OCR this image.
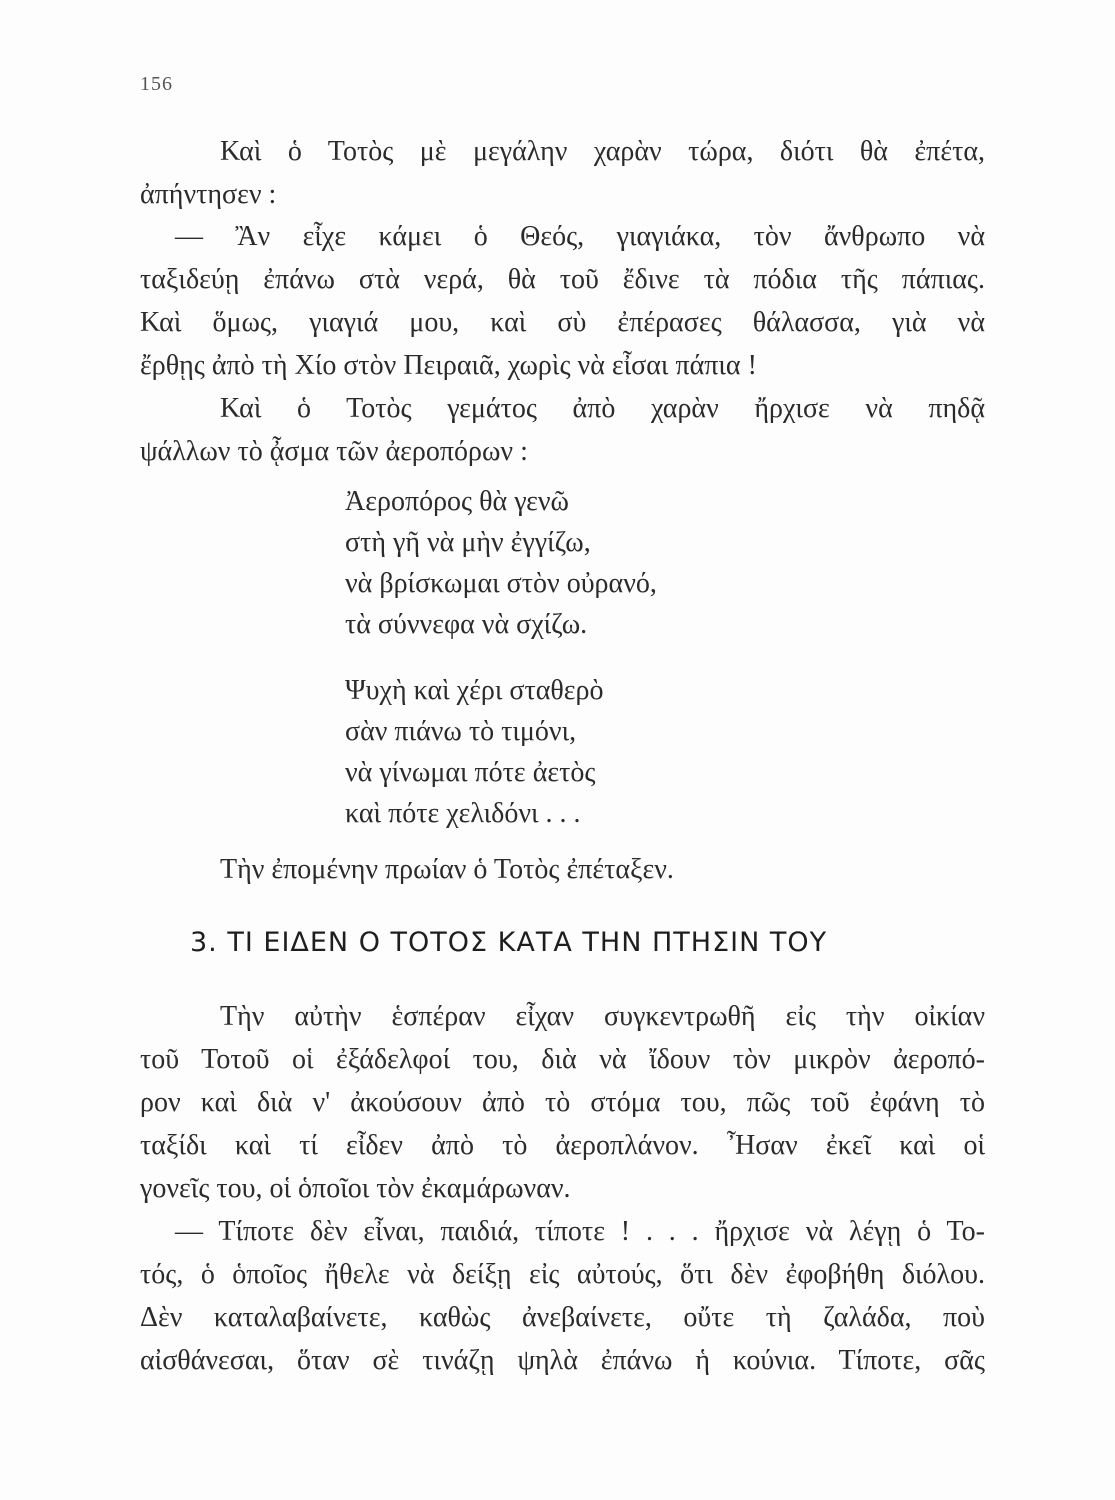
156
Καὶ ὁ Τοτὸς μὲ μεγάλην χαρὰν τώρα, διότι θὰ ἐπέτα,
ἀπήντησεν :
— Ἂν εἶχε κάμει ὁ Θεός, γιαγιάκα, τὸν ἄνθρωπο νὰ
ταξιδεύῃ ἐπάνω στὰ νερά, θὰ τοῦ ἔδινε τὰ πόδια τῆς πάπιας.
Καὶ ὅμως, γιαγιά μου, καὶ σὺ ἐπέρασες θάλασσα, γιὰ νὰ
ἔρθῃς ἀπὸ τὴ Χίο στὸν Πειραιᾶ, χωρὶς νὰ εἶσαι πάπια !
Καὶ ὁ Τοτὸς γεμάτος ἀπὸ χαρὰν ἤρχισε νὰ πηδᾷ
ψάλλων τὸ ᾆσμα τῶν ἀεροπόρων :
Ἀεροπόρος θὰ γενῶ
στὴ γῆ νὰ μὴν ἐγγίζω,
νὰ βρίσκωμαι στὸν οὐρανό,
τὰ σύννεφα νὰ σχίζω.
Ψυχὴ καὶ χέρι σταθερὸ
σὰν πιάνω τὸ τιμόνι,
νὰ γίνωμαι πότε ἀετὸς
καὶ πότε χελιδόνι . . .
Τὴν ἐπομένην πρωίαν ὁ Τοτὸς ἐπέταξεν.
3. ΤΙ ΕΙΔΕΝ Ο ΤΟΤΟΣ ΚΑΤΑ ΤΗΝ ΠΤΗΣΙΝ ΤΟΥ
Τὴν αὐτὴν ἑσπέραν εἶχαν συγκεντρωθῆ εἰς τὴν οἰκίαν
τοῦ Τοτοῦ οἱ ἐξάδελφοί του, διὰ νὰ ἴδουν τὸν μικρὸν ἀεροπό-
ρον καὶ διὰ ν' ἀκούσουν ἀπὸ τὸ στόμα του, πῶς τοῦ ἐφάνη τὸ
ταξίδι καὶ τί εἶδεν ἀπὸ τὸ ἀεροπλάνον. Ἦσαν ἐκεῖ καὶ οἱ
γονεῖς του, οἱ ὁποῖοι τὸν ἐκαμάρωναν.
— Τίποτε δὲν εἶναι, παιδιά, τίποτε ! . . . ἤρχισε νὰ λέγῃ ὁ Το-
τός, ὁ ὁποῖος ἤθελε νὰ δείξῃ εἰς αὐτούς, ὅτι δὲν ἐφοβήθη διόλου.
Δὲν καταλαβαίνετε, καθὼς ἀνεβαίνετε, οὔτε τὴ ζαλάδα, ποὺ
αἰσθάνεσαι, ὅταν σὲ τινάζῃ ψηλὰ ἐπάνω ἡ κούνια. Τίποτε, σᾶς
